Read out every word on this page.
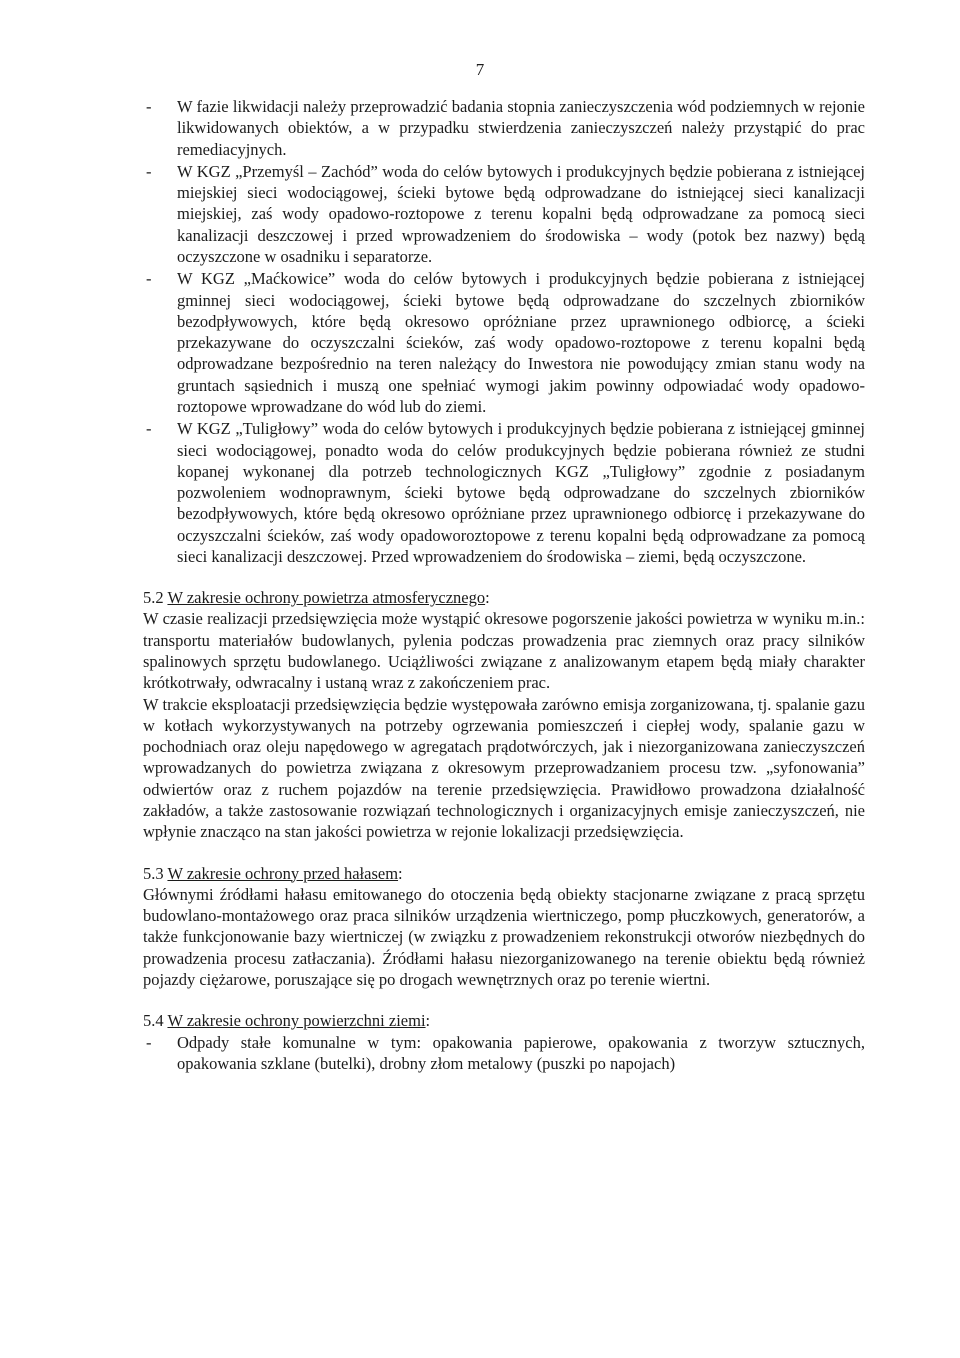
7
- W fazie likwidacji należy przeprowadzić badania stopnia zanieczyszczenia wód podziemnych w rejonie likwidowanych obiektów, a w przypadku stwierdzenia zanieczyszczeń należy przystąpić do prac remediacyjnych.
- W KGZ „Przemyśl – Zachód” woda do celów bytowych i produkcyjnych będzie pobierana z istniejącej miejskiej sieci wodociągowej, ścieki bytowe będą odprowadzane do istniejącej sieci kanalizacji miejskiej, zaś wody opadowo-roztopowe z terenu kopalni będą odprowadzane za pomocą sieci kanalizacji deszczowej i przed wprowadzeniem do środowiska – wody (potok bez nazwy) będą oczyszczone w osadniku i separatorze.
- W KGZ „Maćkowice” woda do celów bytowych i produkcyjnych będzie pobierana z istniejącej gminnej sieci wodociągowej, ścieki bytowe będą odprowadzane do szczelnych zbiorników bezodpływowych, które będą okresowo opróżniane przez uprawnionego odbiorcę, a ścieki przekazywane do oczyszczalni ścieków, zaś wody opadowo-roztopowe z terenu kopalni będą odprowadzane bezpośrednio na teren należący do Inwestora nie powodujący zmian stanu wody na gruntach sąsiednich i muszą one spełniać wymogi jakim powinny odpowiadać wody opadowo-roztopowe wprowadzane do wód lub do ziemi.
- W KGZ „Tuligłowy” woda do celów bytowych i produkcyjnych będzie pobierana z istniejącej gminnej sieci wodociągowej, ponadto woda do celów produkcyjnych będzie pobierana również ze studni kopanej wykonanej dla potrzeb technologicznych KGZ „Tuligłowy” zgodnie z posiadanym pozwoleniem wodnoprawnym, ścieki bytowe będą odprowadzane do szczelnych zbiorników bezodpływowych, które będą okresowo opróżniane przez uprawnionego odbiorcę i przekazywane do oczyszczalni ścieków, zaś wody opadoworoztopowe z terenu kopalni będą odprowadzane za pomocą sieci kanalizacji deszczowej. Przed wprowadzeniem do środowiska – ziemi, będą oczyszczone.
5.2 W zakresie ochrony powietrza atmosferycznego:

W czasie realizacji przedsięwzięcia może wystąpić okresowe pogorszenie jakości powietrza w wyniku m.in.: transportu materiałów budowlanych, pylenia podczas prowadzenia prac ziemnych oraz pracy silników spalinowych sprzętu budowlanego. Uciążliwości związane z analizowanym etapem będą miały charakter krótkotrwały, odwracalny i ustaną wraz z zakończeniem prac.

W trakcie eksploatacji przedsięwzięcia będzie występowała zarówno emisja zorganizowana, tj. spalanie gazu w kotłach wykorzystywanych na potrzeby ogrzewania pomieszczeń i ciepłej wody, spalanie gazu w pochodniach oraz oleju napędowego w agregatach prądotwórczych, jak i niezorganizowana zanieczyszczeń wprowadzanych do powietrza związana z okresowym przeprowadzaniem procesu tzw. „syfonowania” odwiertów oraz z ruchem pojazdów na terenie przedsięwzięcia. Prawidłowo prowadzona działalność zakładów, a także zastosowanie rozwiązań technologicznych i organizacyjnych emisje zanieczyszczeń, nie wpłynie znacząco na stan jakości powietrza w rejonie lokalizacji przedsięwzięcia.

5.3 W zakresie ochrony przed hałasem:

Głównymi źródłami hałasu emitowanego do otoczenia będą obiekty stacjonarne związane z pracą sprzętu budowlano-montażowego oraz praca silników urządzenia wiertniczego, pomp płuczkowych, generatorów, a także funkcjonowanie bazy wiertniczej (w związku z prowadzeniem rekonstrukcji otworów niezbędnych do prowadzenia procesu zatłaczania). Źródłami hałasu niezorganizowanego na terenie obiektu będą również pojazdy ciężarowe, poruszające się po drogach wewnętrznych oraz po terenie wiertni.

5.4 W zakresie ochrony powierzchni ziemi:
- Odpady stałe komunalne w tym: opakowania papierowe, opakowania z tworzyw sztucznych, opakowania szklane (butelki), drobny złom metalowy (puszki po napojach)
